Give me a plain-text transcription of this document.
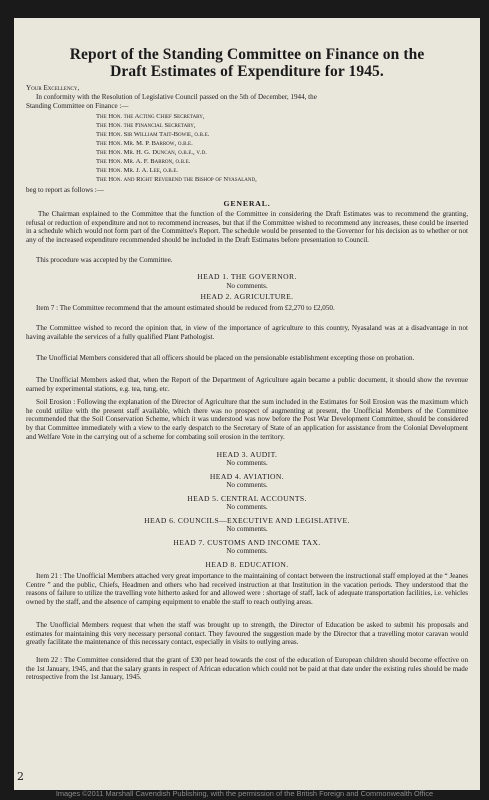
Report of the Standing Committee on Finance on the
Draft Estimates of Expenditure for 1945.
Your Excellency,
In conformity with the Resolution of Legislative Council passed on the 5th of December, 1944, the
Standing Committee on Finance :—
The Hon. the Acting Chief Secretary,
The Hon. the Financial Secretary,
The Hon. Sir William Tait-Bowie, o.b.e.
The Hon. Mr. M. P. Barrow, o.b.e.
The Hon. Mr. H. G. Duncan, o.b.e., v.d.
The Hon. Mr. A. F. Barron, o.b.e.
The Hon. Mr. J. A. Lee, o.b.e.
The Hon. and Right Reverend the Bishop of Nyasaland,
beg to report as follows :—
GENERAL.
The Chairman explained to the Committee that the function of the Committee in considering the Draft Estimates was to recommend the granting, refusal or reduction of expenditure and not to recommend increases, but that if the Committee wished to recommend any increases, these could be inserted in a schedule which would not form part of the Committee's Report. The schedule would be presented to the Governor for his decision as to whether or not any of the increased expenditure recommended should be included in the Draft Estimates before presentation to Council.
This procedure was accepted by the Committee.
HEAD 1. THE GOVERNOR.
No comments.
HEAD 2. AGRICULTURE.
Item 7 : The Committee recommend that the amount estimated should be reduced from £2,270 to £2,050.
The Committee wished to record the opinion that, in view of the importance of agriculture to this country, Nyasaland was at a disadvantage in not having available the services of a fully qualified Plant Pathologist.
The Unofficial Members considered that all officers should be placed on the pensionable establishment excepting those on probation.
The Unofficial Members asked that, when the Report of the Department of Agriculture again became a public document, it should show the revenue earned by experimental stations, e.g. tea, tung, etc.
Soil Erosion : Following the explanation of the Director of Agriculture that the sum included in the Estimates for Soil Erosion was the maximum which he could utilize with the present staff available, which there was no prospect of augmenting at present, the Unofficial Members of the Committee recommended that the Soil Conservation Scheme, which it was understood was now before the Post War Development Committee, should be considered by that Committee immediately with a view to the early despatch to the Secretary of State of an application for assistance from the Colonial Development and Welfare Vote in the carrying out of a scheme for combating soil erosion in the territory.
HEAD 3. AUDIT.
No comments.
HEAD 4. AVIATION.
No comments.
HEAD 5. CENTRAL ACCOUNTS.
No comments.
HEAD 6. COUNCILS—EXECUTIVE AND LEGISLATIVE.
No comments.
HEAD 7. CUSTOMS AND INCOME TAX.
No comments.
HEAD 8. EDUCATION.
Item 21 : The Unofficial Members attached very great importance to the maintaining of contact between the instructional staff employed at the “ Jeanes Centre ” and the public, Chiefs, Headmen and others who had received instruction at that Institution in the vacation periods. They understood that the reasons of failure to utilize the travelling vote hitherto asked for and allowed were : shortage of staff, lack of adequate transportation facilities, i.e. vehicles owned by the staff, and the absence of camping equipment to enable the staff to reach outlying areas.
The Unofficial Members request that when the staff was brought up to strength, the Director of Education be asked to submit his proposals and estimates for maintaining this very necessary personal contact. They favoured the suggestion made by the Director that a travelling motor caravan would greatly facilitate the maintenance of this necessary contact, especially in visits to outlying areas.
Item 22 : The Committee considered that the grant of £30 per head towards the cost of the education of European children should become effective on the 1st January, 1945, and that the salary grants in respect of African education which could not be paid at that date under the existing rules should be made retrospective from the 1st January, 1945.
2
Images ©2011 Marshall Cavendish Publishing, with the permission of the British Foreign and Commonwealth Office
